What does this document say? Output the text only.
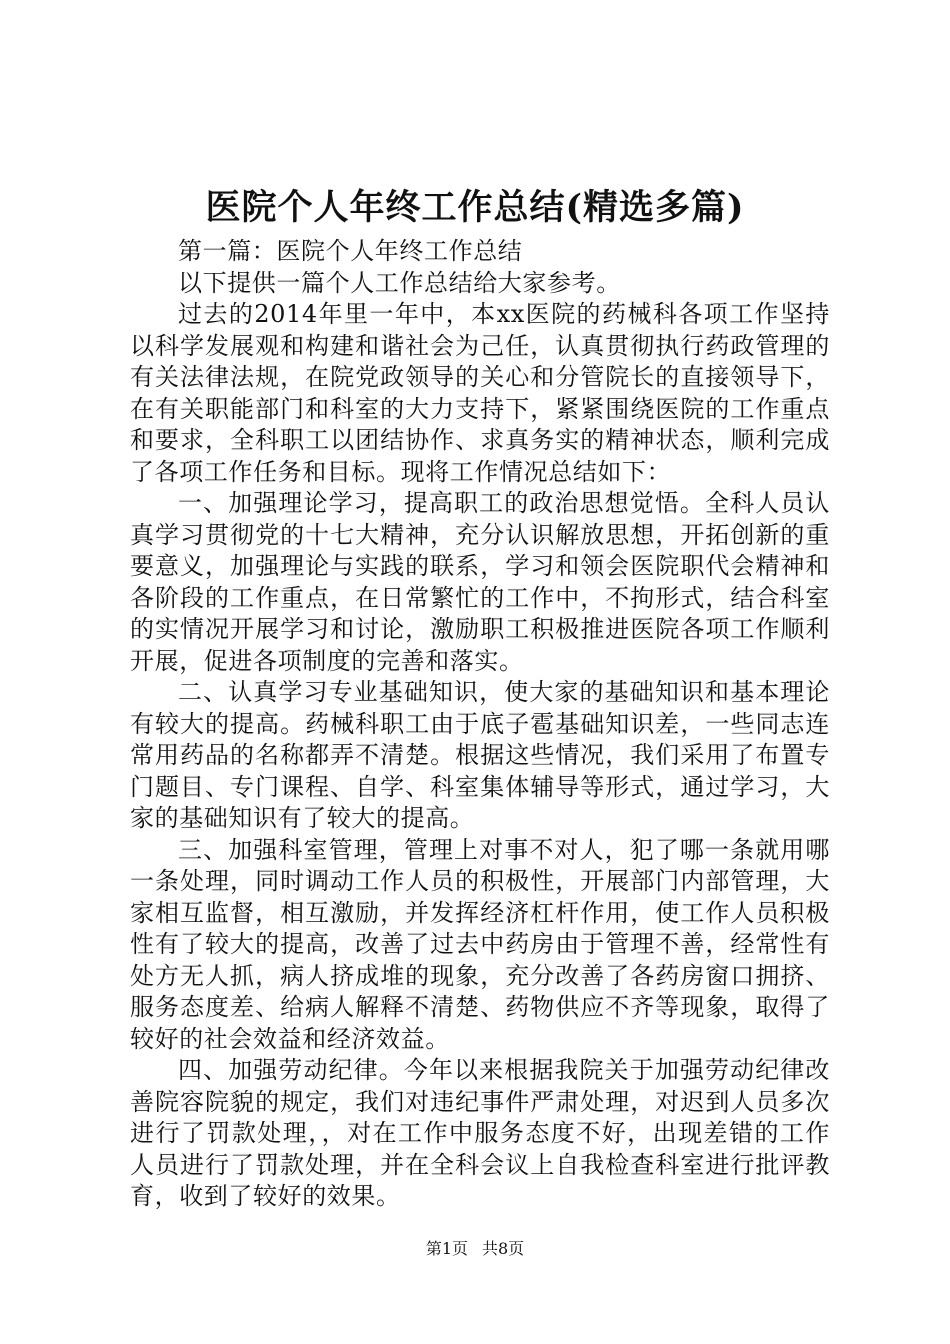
医院个人年终工作总结(精选多篇)

第一篇：医院个人年终工作总结

以下提供一篇个人工作总结给大家参考。

过去的2014年里一年中，本xx医院的药械科各项工作坚持以科学发展观和构建和谐社会为己任，认真贯彻执行药政管理的有关法律法规，在院党政领导的关心和分管院长的直接领导下，在有关职能部门和科室的大力支持下，紧紧围绕医院的工作重点和要求，全科职工以团结协作、求真务实的精神状态，顺利完成了各项工作任务和目标。现将工作情况总结如下：

一、加强理论学习，提高职工的政治思想觉悟。全科人员认真学习贯彻党的十七大精神，充分认识解放思想，开拓创新的重要意义，加强理论与实践的联系，学习和领会医院职代会精神和各阶段的工作重点，在日常繁忙的工作中，不拘形式，结合科室的实情况开展学习和讨论，激励职工积极推进医院各项工作顺利开展，促进各项制度的完善和落实。

二、认真学习专业基础知识，使大家的基础知识和基本理论有较大的提高。药械科职工由于底子雹基础知识差，一些同志连常用药品的名称都弄不清楚。根据这些情况，我们采用了布置专门题目、专门课程、自学、科室集体辅导等形式，通过学习，大家的基础知识有了较大的提高。

三、加强科室管理，管理上对事不对人，犯了哪一条就用哪一条处理，同时调动工作人员的积极性，开展部门内部管理，大家相互监督，相互激励，并发挥经济杠杆作用，使工作人员积极性有了较大的提高，改善了过去中药房由于管理不善，经常性有处方无人抓，病人挤成堆的现象，充分改善了各药房窗口拥挤、服务态度差、给病人解释不清楚、药物供应不齐等现象，取得了较好的社会效益和经济效益。

四、加强劳动纪律。今年以来根据我院关于加强劳动纪律改善院容院貌的规定，我们对违纪事件严肃处理，对迟到人员多次进行了罚款处理，，对在工作中服务态度不好，出现差错的工作人员进行了罚款处理，并在全科会议上自我检查科室进行批评教育，收到了较好的效果。

第1页 共8页
